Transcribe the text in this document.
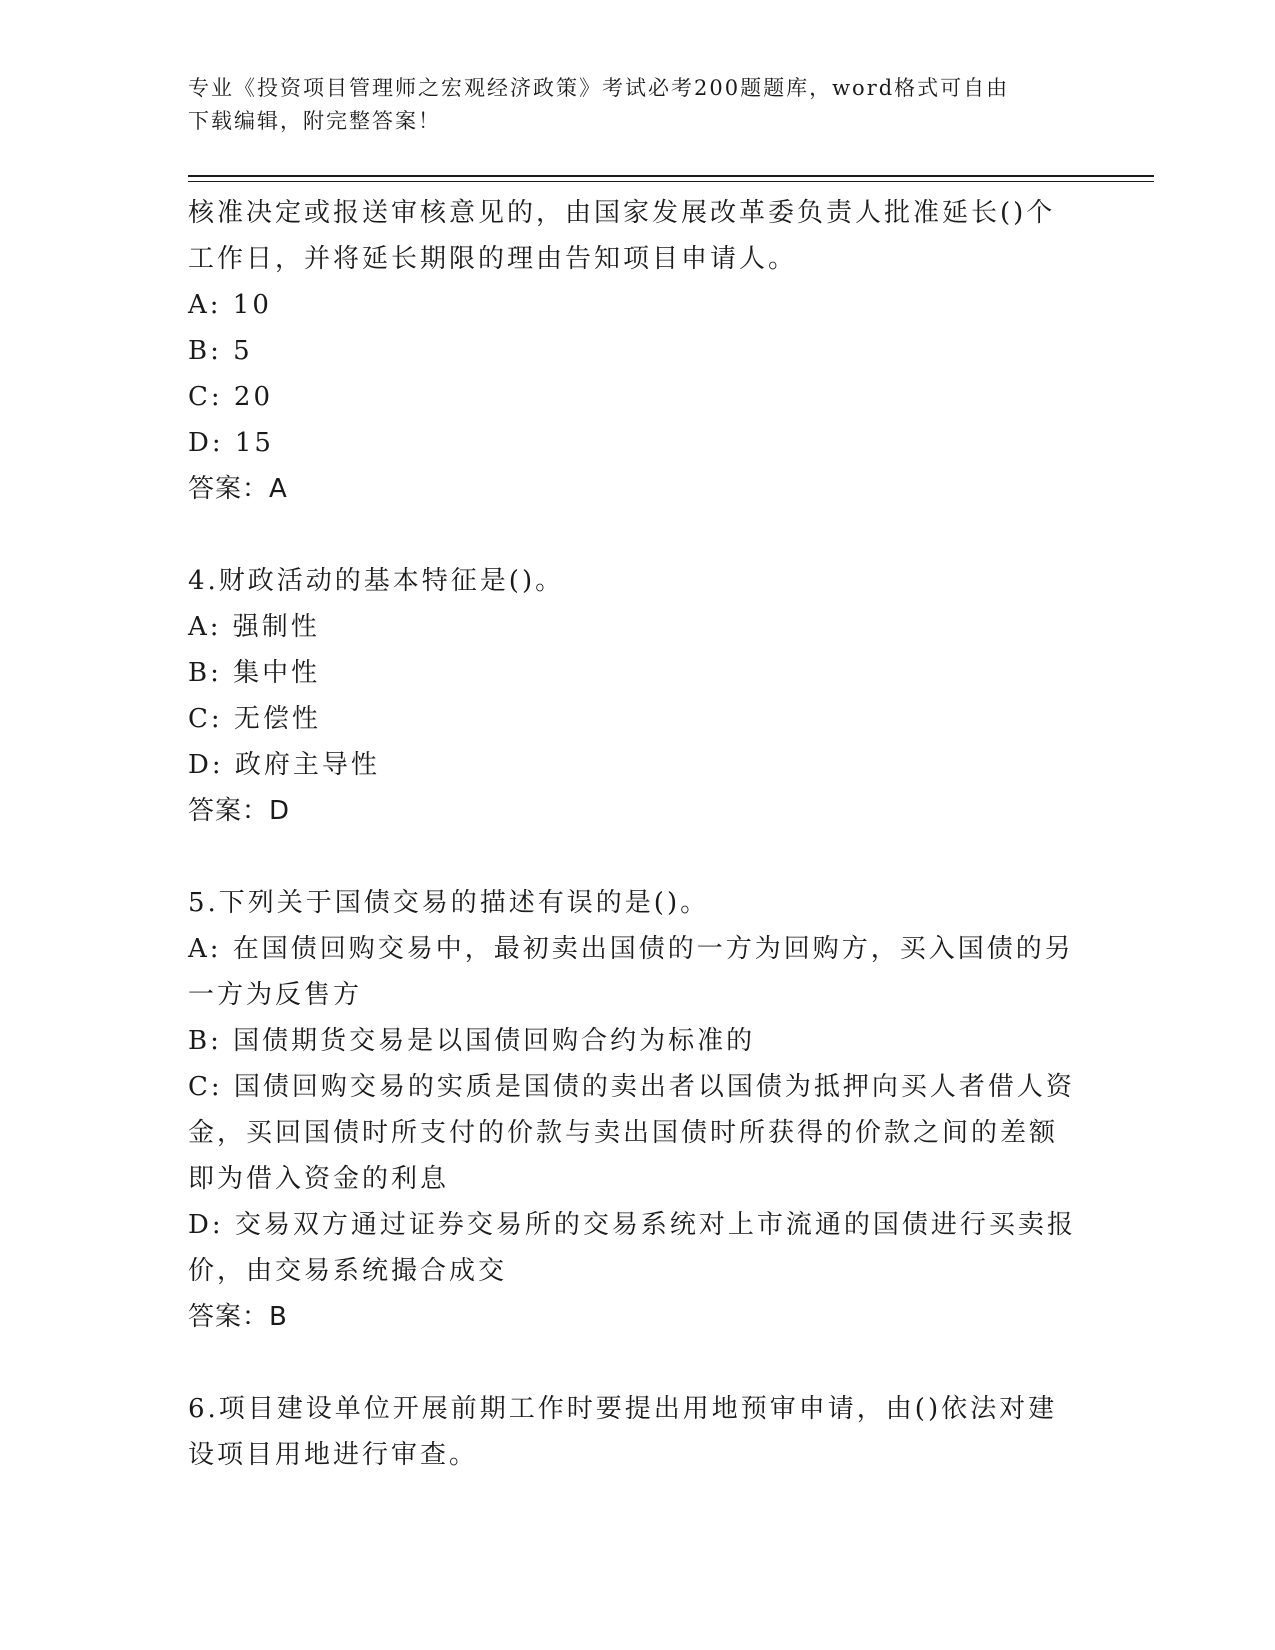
专业《投资项目管理师之宏观经济政策》考试必考200题题库，word格式可自由
下载编辑，附完整答案！
核准决定或报送审核意见的，由国家发展改革委负责人批准延长()个
工作日，并将延长期限的理由告知项目申请人。
A: 10
B: 5
C: 20
D: 15
答案：A
4.财政活动的基本特征是()。
A: 强制性
B: 集中性
C: 无偿性
D: 政府主导性
答案：D
5.下列关于国债交易的描述有误的是()。
A: 在国债回购交易中，最初卖出国债的一方为回购方，买入国债的另
一方为反售方
B: 国债期货交易是以国债回购合约为标准的
C: 国债回购交易的实质是国债的卖出者以国债为抵押向买人者借人资
金，买回国债时所支付的价款与卖出国债时所获得的价款之间的差额
即为借入资金的利息
D: 交易双方通过证券交易所的交易系统对上市流通的国债进行买卖报
价，由交易系统撮合成交
答案：B
6.项目建设单位开展前期工作时要提出用地预审申请，由()依法对建
设项目用地进行审查。
